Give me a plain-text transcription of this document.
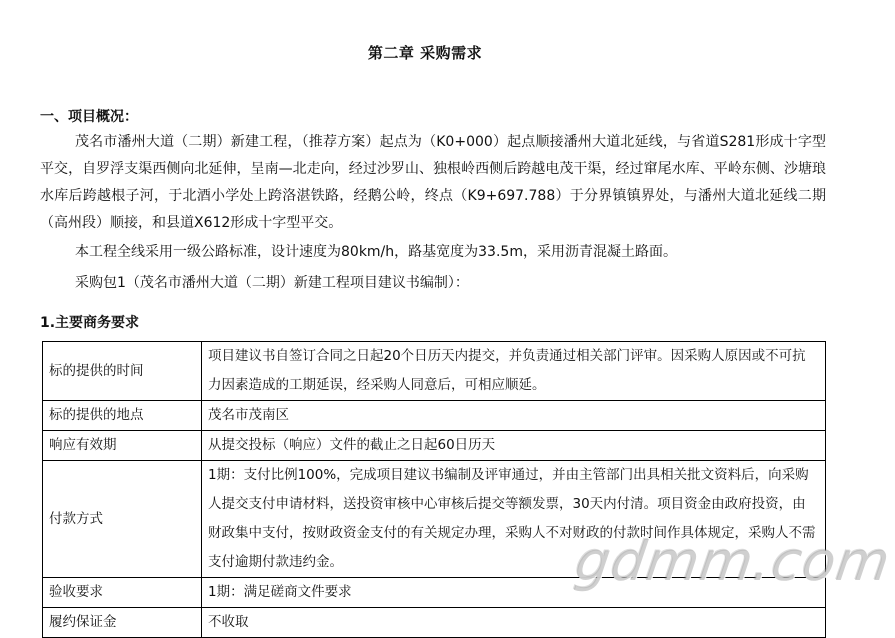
第二章 采购需求
一、项目概况：

茂名市潘州大道（二期）新建工程，（推荐方案）起点为（K0+000）起点顺接潘州大道北延线，与省道S281形成十字型平交，自罗浮支渠西侧向北延伸，呈南—北走向，经过沙罗山、独根岭西侧后跨越电茂干渠，经过窜尾水库、平岭东侧、沙塘琅水库后跨越根子河，于北酒小学处上跨洛湛铁路，经鹅公岭，终点（K9+697.788）于分界镇镇界处，与潘州大道北延线二期（高州段）顺接，和县道X612形成十字型平交。

本工程全线采用一级公路标准，设计速度为80km/h，路基宽度为33.5m，采用沥青混凝土路面。

采购包1（茂名市潘州大道（二期）新建工程项目建议书编制）：

1.主要商务要求
标的提供的时间	项目建议书自签订合同之日起20个日历天内提交，并负责通过相关部门评审。因采购人原因或不可抗力因素造成的工期延误，经采购人同意后，可相应顺延。
标的提供的地点	茂名市茂南区
响应有效期	从提交投标（响应）文件的截止之日起60日历天
付款方式	1期：支付比例100%，完成项目建议书编制及评审通过，并由主管部门出具相关批文资料后，向采购人提交支付申请材料，送投资审核中心审核后提交等额发票，30天内付清。项目资金由政府投资，由财政集中支付，按财政资金支付的有关规定办理，采购人不对财政的付款时间作具体规定，采购人不需支付逾期付款违约金。
验收要求	1期：满足磋商文件要求
履约保证金	不收取
gdmm.com
